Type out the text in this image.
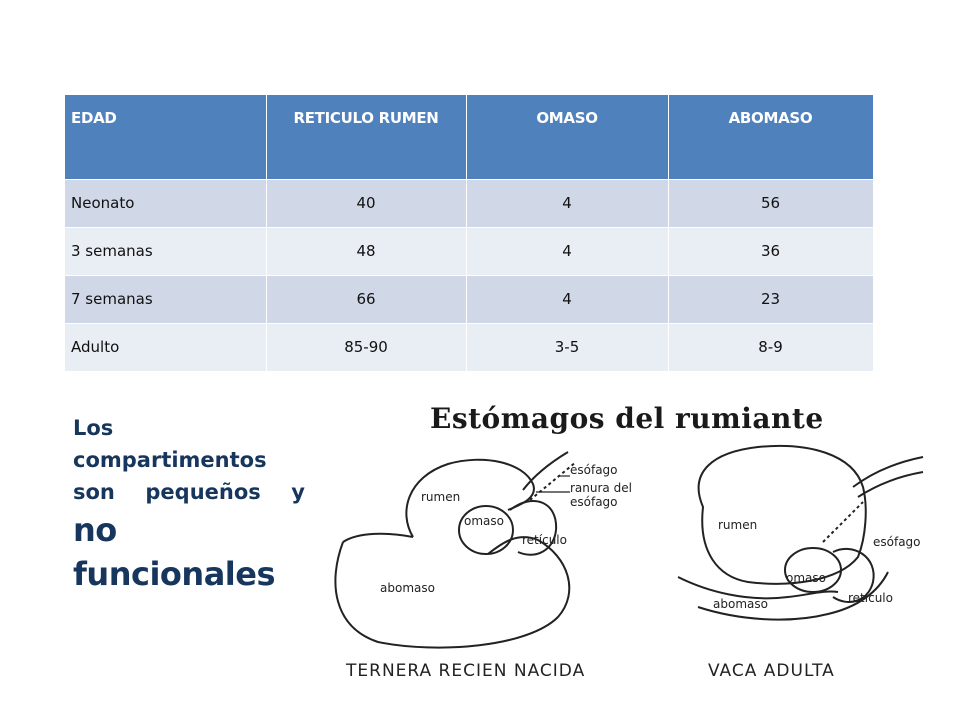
EDAD	RETICULO RUMEN	OMASO	ABOMASO
Neonato	40	4	56
3 semanas	48	4	36
7 semanas	66	4	23
Adulto	85-90	3-5	8-9
Los
compartimentos
son pequeños y
no
funcionales
Estómagos del rumiante
rumen
omaso
retículo
abomaso
esófago
ranura del
esófago
TERNERA RECIEN NACIDA
rumen
omaso
retículo
abomaso
esófago
VACA ADULTA
